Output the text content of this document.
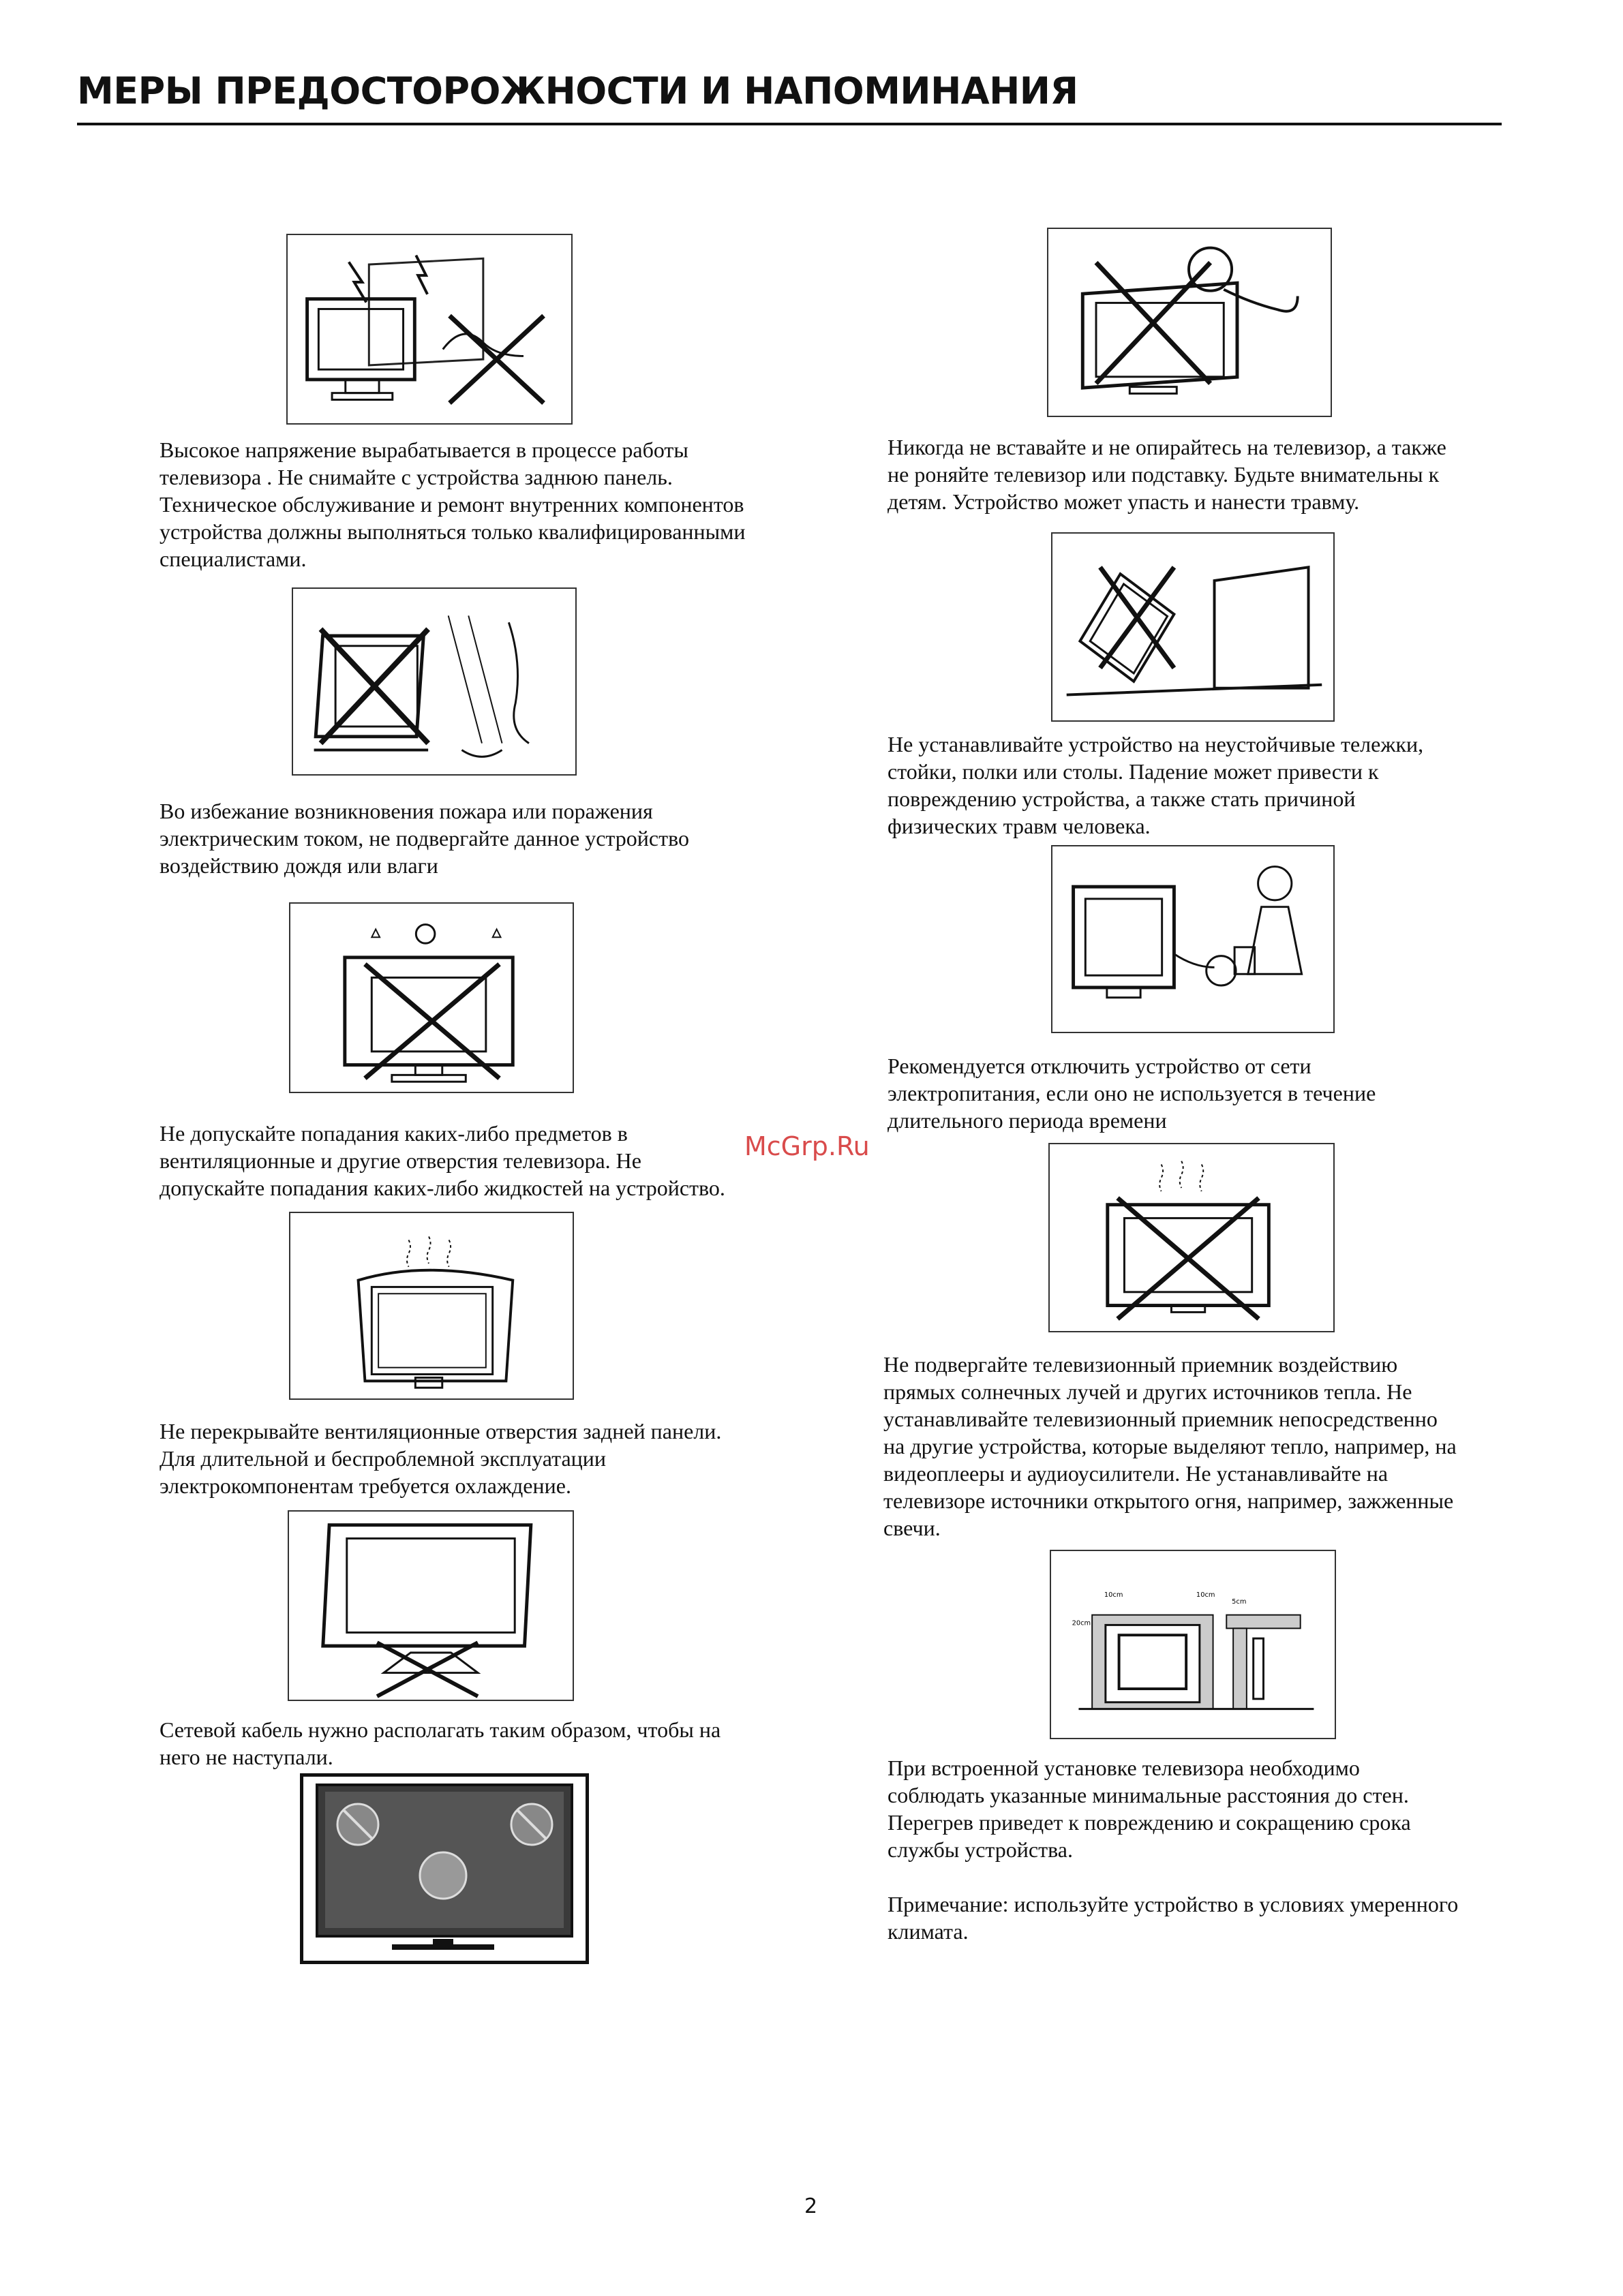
МЕРЫ ПРЕДОСТОРОЖНОСТИ И НАПОМИНАНИЯ

Высокое напряжение вырабатывается в процессе работы
телевизора . Не снимайте с устройства заднюю панель.
Техническое обслуживание и ремонт внутренних компонентов
устройства должны выполняться только квалифицированными
специалистами.

Во избежание возникновения пожара или поражения
электрическим током, не подвергайте данное устройство
воздействию дождя или влаги

Не допускайте попадания каких-либо предметов в
вентиляционные и другие отверстия телевизора. Не
допускайте попадания каких-либо жидкостей на устройство.

Не перекрывайте вентиляционные отверстия задней панели.
Для длительной и беспроблемной эксплуатации
электрокомпонентам требуется охлаждение.

Сетевой кабель нужно располагать таким образом, чтобы на
него не наступали.

Никогда не вставайте и не опирайтесь на телевизор, а также
не роняйте телевизор или подставку. Будьте внимательны к
детям. Устройство может упасть и нанести травму.

Не устанавливайте устройство на неустойчивые тележки,
стойки, полки или столы. Падение может привести к
повреждению устройства, а также стать причиной
физических травм человека.

Рекомендуется отключить устройство от сети
электропитания, если оно не используется в течение
длительного периода времени

Не подвергайте телевизионный приемник воздействию
прямых солнечных лучей и других источников тепла. Не
устанавливайте телевизионный приемник непосредственно
на другие устройства, которые выделяют тепло, например, на
видеоплееры и аудиоусилители. Не устанавливайте на
телевизоре источники открытого огня, например, зажженные
свечи.

10cm	10cm
5cm
20cm

При встроенной установке телевизора необходимо
соблюдать указанные минимальные расстояния до стен.
Перегрев приведет к повреждению и сокращению срока
службы устройства.

Примечание: используйте устройство в условиях умеренного
климата.

McGrp.Ru
2
